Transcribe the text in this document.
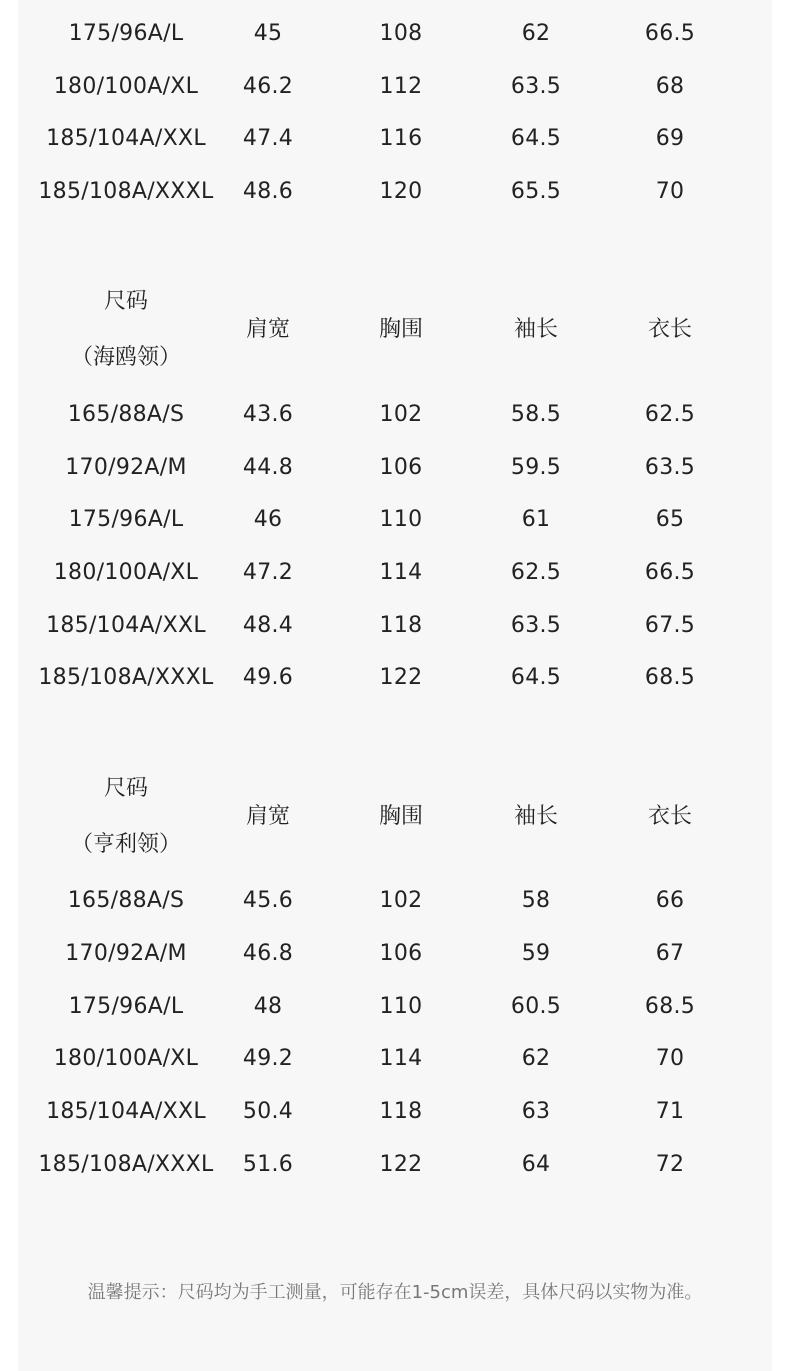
175/96A/L	45	108	62	66.5
180/100A/XL	46.2	112	63.5	68
185/104A/XXL	47.4	116	64.5	69
185/108A/XXXL	48.6	120	65.5	70
尺码
（海鸥领）
肩宽	胸围	袖长	衣长
165/88A/S	43.6	102	58.5	62.5
170/92A/M	44.8	106	59.5	63.5
175/96A/L	46	110	61	65
180/100A/XL	47.2	114	62.5	66.5
185/104A/XXL	48.4	118	63.5	67.5
185/108A/XXXL	49.6	122	64.5	68.5
尺码
（亨利领）
肩宽	胸围	袖长	衣长
165/88A/S	45.6	102	58	66
170/92A/M	46.8	106	59	67
175/96A/L	48	110	60.5	68.5
180/100A/XL	49.2	114	62	70
185/104A/XXL	50.4	118	63	71
185/108A/XXXL	51.6	122	64	72
温馨提示：尺码均为手工测量，可能存在1-5cm误差，具体尺码以实物为准。
